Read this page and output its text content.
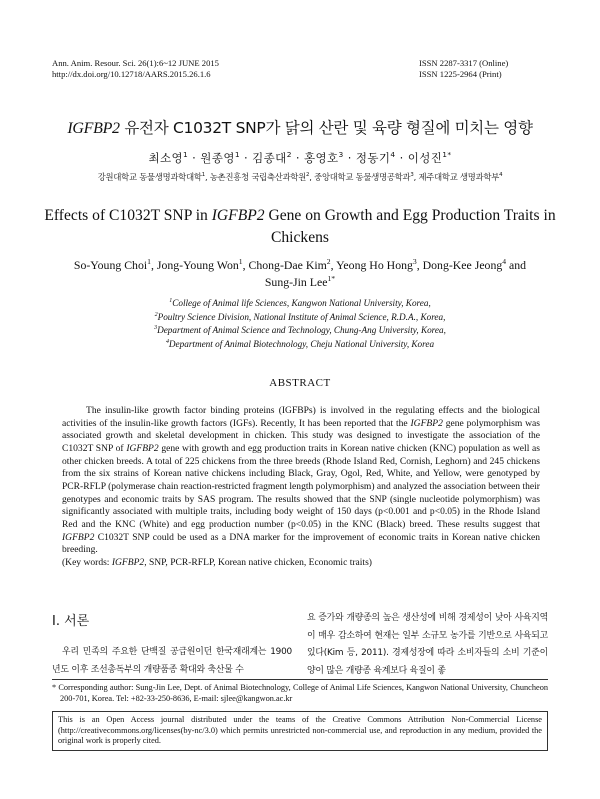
Ann. Anim. Resour. Sci. 26(1):6~12 JUNE 2015
http://dx.doi.org/10.12718/AARS.2015.26.1.6
ISSN 2287-3317 (Online)
ISSN 1225-2964 (Print)
IGFBP2 유전자 C1032T SNP가 닭의 산란 및 육량 형질에 미치는 영향
최소영$^1$ · 원종영$^1$ · 김종대$^2$ · 홍영호$^3$ · 정동기$^4$ · 이성진$^{1*}$
강원대학교 동물생명과학대학$^1$, 농촌진흥청 국립축산과학원$^2$, 중앙대학교 동물생명공학과$^3$, 제주대학교 생명과학부$^4$
Effects of C1032T SNP in IGFBP2 Gene on Growth and Egg Production Traits in Chickens
So-Young Choi$^1$, Jong-Young Won$^1$, Chong-Dae Kim$^2$, Yeong Ho Hong$^3$, Dong-Kee Jeong$^4$ and Sung-Jin Lee$^{1*}$
$^1$College of Animal life Sciences, Kangwon National University, Korea,
$^2$Poultry Science Division, National Institute of Animal Science, R.D.A., Korea,
$^3$Department of Animal Science and Technology, Chung-Ang University, Korea,
$^4$Department of Animal Biotechnology, Cheju National University, Korea
ABSTRACT

The insulin-like growth factor binding proteins (IGFBPs) is involved in the regulating effects and the biological activities of the insulin-like growth factors (IGFs). Recently, It has been reported that the IGFBP2 gene polymorphism was associated growth and skeletal development in chicken. This study was designed to investigate the association of the C1032T SNP of IGFBP2 gene with growth and egg production traits in Korean native chicken (KNC) population as well as other chicken breeds. A total of 225 chickens from the three breeds (Rhode Island Red, Cornish, Leghorn) and 245 chickens from the six strains of Korean native chickens including Black, Gray, Ogol, Red, White, and Yellow, were genotyped by PCR-RFLP (polymerase chain reaction-restricted fragment length polymorphism) and analyzed the association between their genotypes and economic traits by SAS program. The results showed that the SNP (single nucleotide polymorphism) was significantly associated with multiple traits, including body weight of 150 days (p<0.001 and p<0.05) in the Rhode Island Red and the KNC (White) and egg production number (p<0.05) in the KNC (Black) breed. These results suggest that IGFBP2 C1032T SNP could be used as a DNA marker for the improvement of economic traits in Korean native chicken breeding.

(Key words: IGFBP2, SNP, PCR-RFLP, Korean native chicken, Economic traits)

Ⅰ. 서론

우리 민족의 주요한 단백질 공급원이던 한국재래계는 1900년도 이후 조선총독부의 개량품종 확대와 축산물 수

요 증가와 개량종의 높은 생산성에 비해 경제성이 낮아 사육지역이 매우 감소하여 현재는 일부 소규모 농가를 기반으로 사육되고 있다(Kim 등, 2011). 경제성장에 따라 소비자들의 소비 기준이 양이 많은 개량종 육계보다 육질이 좋

* Corresponding author: Sung-Jin Lee, Dept. of Animal Biotechnology, College of Animal Life Sciences, Kangwon National University, Chuncheon 200-701, Korea. Tel: +82-33-250-8636, E-mail: sjlee@kangwon.ac.kr

This is an Open Access journal distributed under the teams of the Creative Commons Attribution Non-Commercial License (http://creativecommons.org/licenses(by-nc/3.0) which permits unrestricted non-commercial use, and reproduction in any medium, provided the original work is properly cited.
